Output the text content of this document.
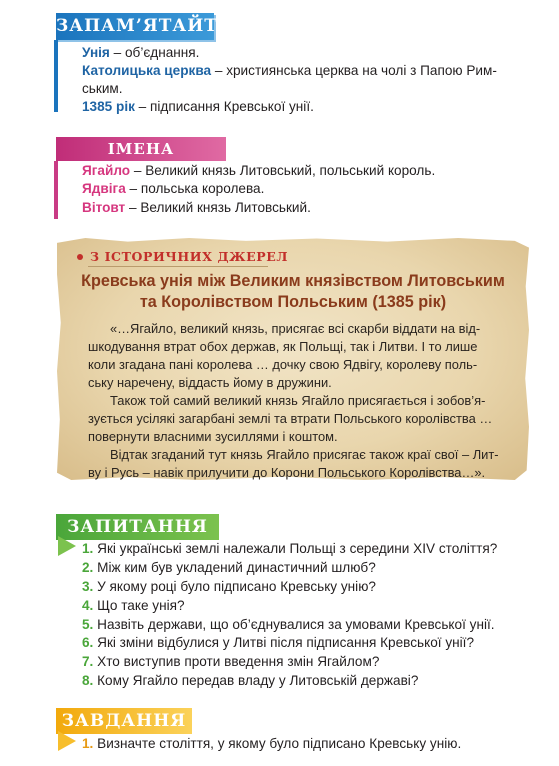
ЗАПАМ’ЯТАЙТЕ
Унія – об’єднання.
Католицька церква – християнська церква на чолі з Папою Рим-
ським.
1385 рік – підписання Кревської унії.
ІМЕНА
Ягайло – Великий князь Литовський, польський король.
Ядвіга – польська королева.
Вітовт – Великий князь Литовський.
З ІСТОРИЧНИХ ДЖЕРЕЛ
Кревська унія між Великим князівством Литовським
та Королівством Польським (1385 рік)
«…Ягайло, великий князь, присягає всі скарби віддати на від-
шкодування втрат обох держав, як Польщі, так і Литви. І то лише
коли згадана пані королева … дочку свою Ядвігу, королеву поль-
ську наречену, віддасть йому в дружини.
Також той самий великий князь Ягайло присягається і зобов’я-
зується усілякі загарбані землі та втрати Польського королівства …
повернути власними зусиллями і коштом.
Відтак згаданий тут князь Ягайло присягає також краї свої – Лит-
ву і Русь – навік прилучити до Корони Польського Королівства…».
ЗАПИТАННЯ
1. Які українські землі належали Польщі з середини XIV століття?
2. Між ким був укладений династичний шлюб?
3. У якому році було підписано Кревську унію?
4. Що таке унія?
5. Назвіть держави, що об’єднувалися за умовами Кревської унії.
6. Які зміни відбулися у Литві після підписання Кревської унії?
7. Хто виступив проти введення змін Ягайлом?
8. Кому Ягайло передав владу у Литовській державі?
ЗАВДАННЯ
1. Визначте століття, у якому було підписано Кревську унію.
